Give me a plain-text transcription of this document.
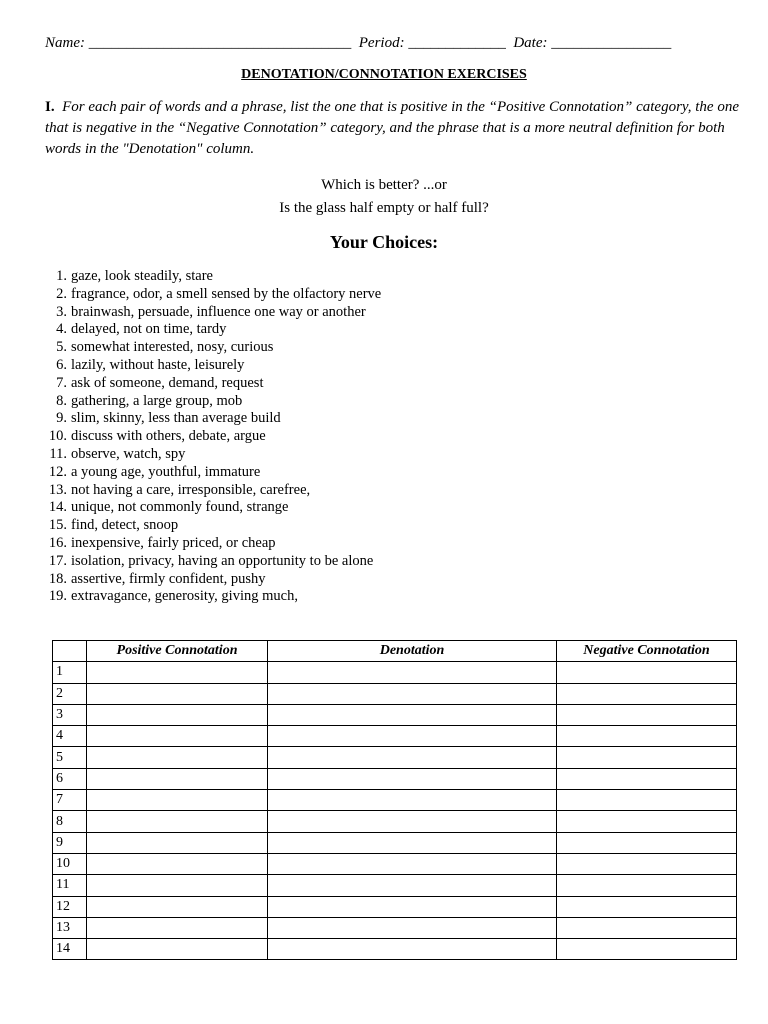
Name: ___________________________________ Period: _____________ Date: ________________
DENOTATION/CONNOTATION EXERCISES
I. For each pair of words and a phrase, list the one that is positive in the “Positive Connotation” category, the one that is negative in the “Negative Connotation” category, and the phrase that is a more neutral definition for both words in the "Denotation" column.
Which is better? ...or
Is the glass half empty or half full?
Your Choices:
1. gaze, look steadily, stare
2. fragrance, odor, a smell sensed by the olfactory nerve
3. brainwash, persuade, influence one way or another
4. delayed, not on time, tardy
5. somewhat interested, nosy, curious
6. lazily, without haste, leisurely
7. ask of someone, demand, request
8. gathering, a large group, mob
9. slim, skinny, less than average build
10. discuss with others, debate, argue
11. observe, watch, spy
12. a young age, youthful, immature
13. not having a care, irresponsible, carefree,
14. unique, not commonly found, strange
15. find, detect, snoop
16. inexpensive, fairly priced, or cheap
17. isolation, privacy, having an opportunity to be alone
18. assertive, firmly confident, pushy
19. extravagance, generosity, giving much,
	Positive Connotation	Denotation	Negative Connotation
1			
2			
3			
4			
5			
6			
7			
8			
9			
10			
11			
12			
13			
14			
